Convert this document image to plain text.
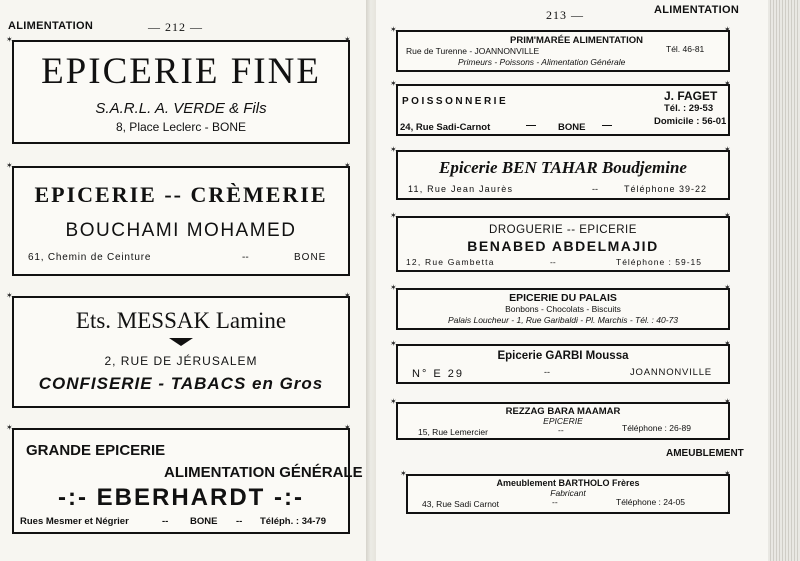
ALIMENTATION	— 212 —
EPICERIE FINE
S.A.R.L. A. VERDE & Fils
8, Place Leclerc - BONE
EPICERIE -- CRÈMERIE
BOUCHAMI MOHAMED
61, Chemin de Ceinture	--	BONE
Ets. MESSAK Lamine
2, RUE DE JÉRUSALEM
CONFISERIE - TABACS en Gros
GRANDE EPICERIE
ALIMENTATION GÉNÉRALE
-:- EBERHARDT -:-
Rues Mesmer et Négrier	-- BONE -- Téléph. : 34-79
✶	✶
✶	✶
✶	✶
✶	✶
213 —	ALIMENTATION
PRIM'MARÉE ALIMENTATION
Rue de Turenne - JOANNONVILLE	Tél. 46-81
Primeurs - Poissons - Alimentation Générale
POISSONNERIE	J. FAGET
Tél. : 29-53
Domicile : 56-01
24, Rue Sadi-Carnot	— BONE —
Epicerie BEN TAHAR Boudjemine
11, Rue Jean Jaurès	--	Téléphone 39-22
DROGUERIE -- EPICERIE
BENABED ABDELMAJID
12, Rue Gambetta	--	Téléphone : 59-15
EPICERIE DU PALAIS
Bonbons - Chocolats - Biscuits
Palais Loucheur - 1, Rue Garibaldi - Pl. Marchis - Tél. : 40-73
Epicerie GARBI Moussa
N° E 29	--	JOANNONVILLE
REZZAG BARA MAAMAR
EPICERIE
15, Rue Lemercier	--	Téléphone : 26-89
AMEUBLEMENT
Ameublement BARTHOLO Frères
Fabricant
43, Rue Sadi Carnot	--	Téléphone : 24-05
✶	✶
✶	✶
✶	✶
✶	✶
✶	✶
✶	✶
✶	✶
✶	✶
